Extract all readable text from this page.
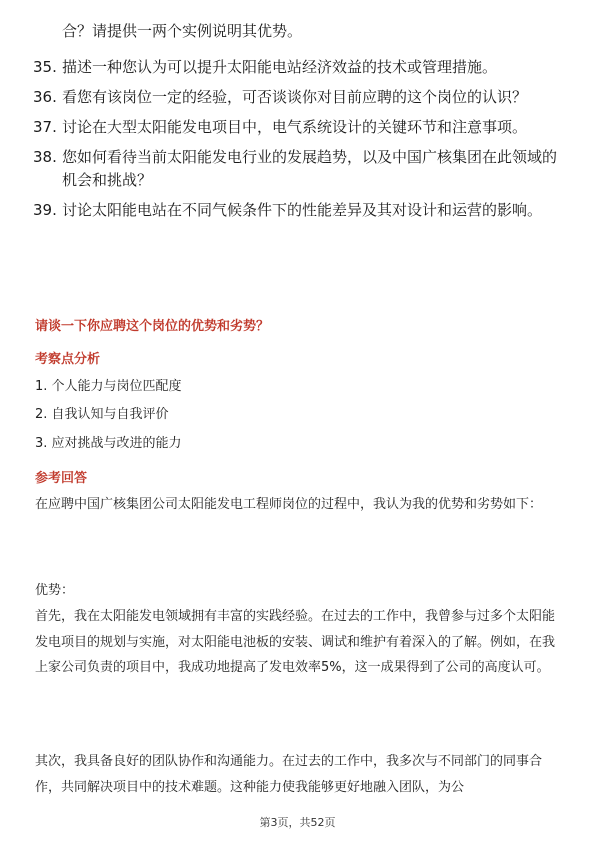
合？请提供一两个实例说明其优势。

35. 描述一种您认为可以提升太阳能电站经济效益的技术或管理措施。
36. 看您有该岗位一定的经验，可否谈谈你对目前应聘的这个岗位的认识？
37. 讨论在大型太阳能发电项目中，电气系统设计的关键环节和注意事项。
38. 您如何看待当前太阳能发电行业的发展趋势，以及中国广核集团在此领域的机会和挑战？
39. 讨论太阳能电站在不同气候条件下的性能差异及其对设计和运营的影响。

请谈一下你应聘这个岗位的优势和劣势？

考察点分析

1. 个人能力与岗位匹配度

2. 自我认知与自我评价

3. 应对挑战与改进的能力

参考回答

在应聘中国广核集团公司太阳能发电工程师岗位的过程中，我认为我的优势和劣势如下：

优势：

首先，我在太阳能发电领域拥有丰富的实践经验。在过去的工作中，我曾参与过多个太阳能发电项目的规划与实施，对太阳能电池板的安装、调试和维护有着深入的了解。例如，在我上家公司负责的项目中，我成功地提高了发电效率5%，这一成果得到了公司的高度认可。

其次，我具备良好的团队协作和沟通能力。在过去的工作中，我多次与不同部门的同事合作，共同解决项目中的技术难题。这种能力使我能够更好地融入团队，为公

第3页，共52页
